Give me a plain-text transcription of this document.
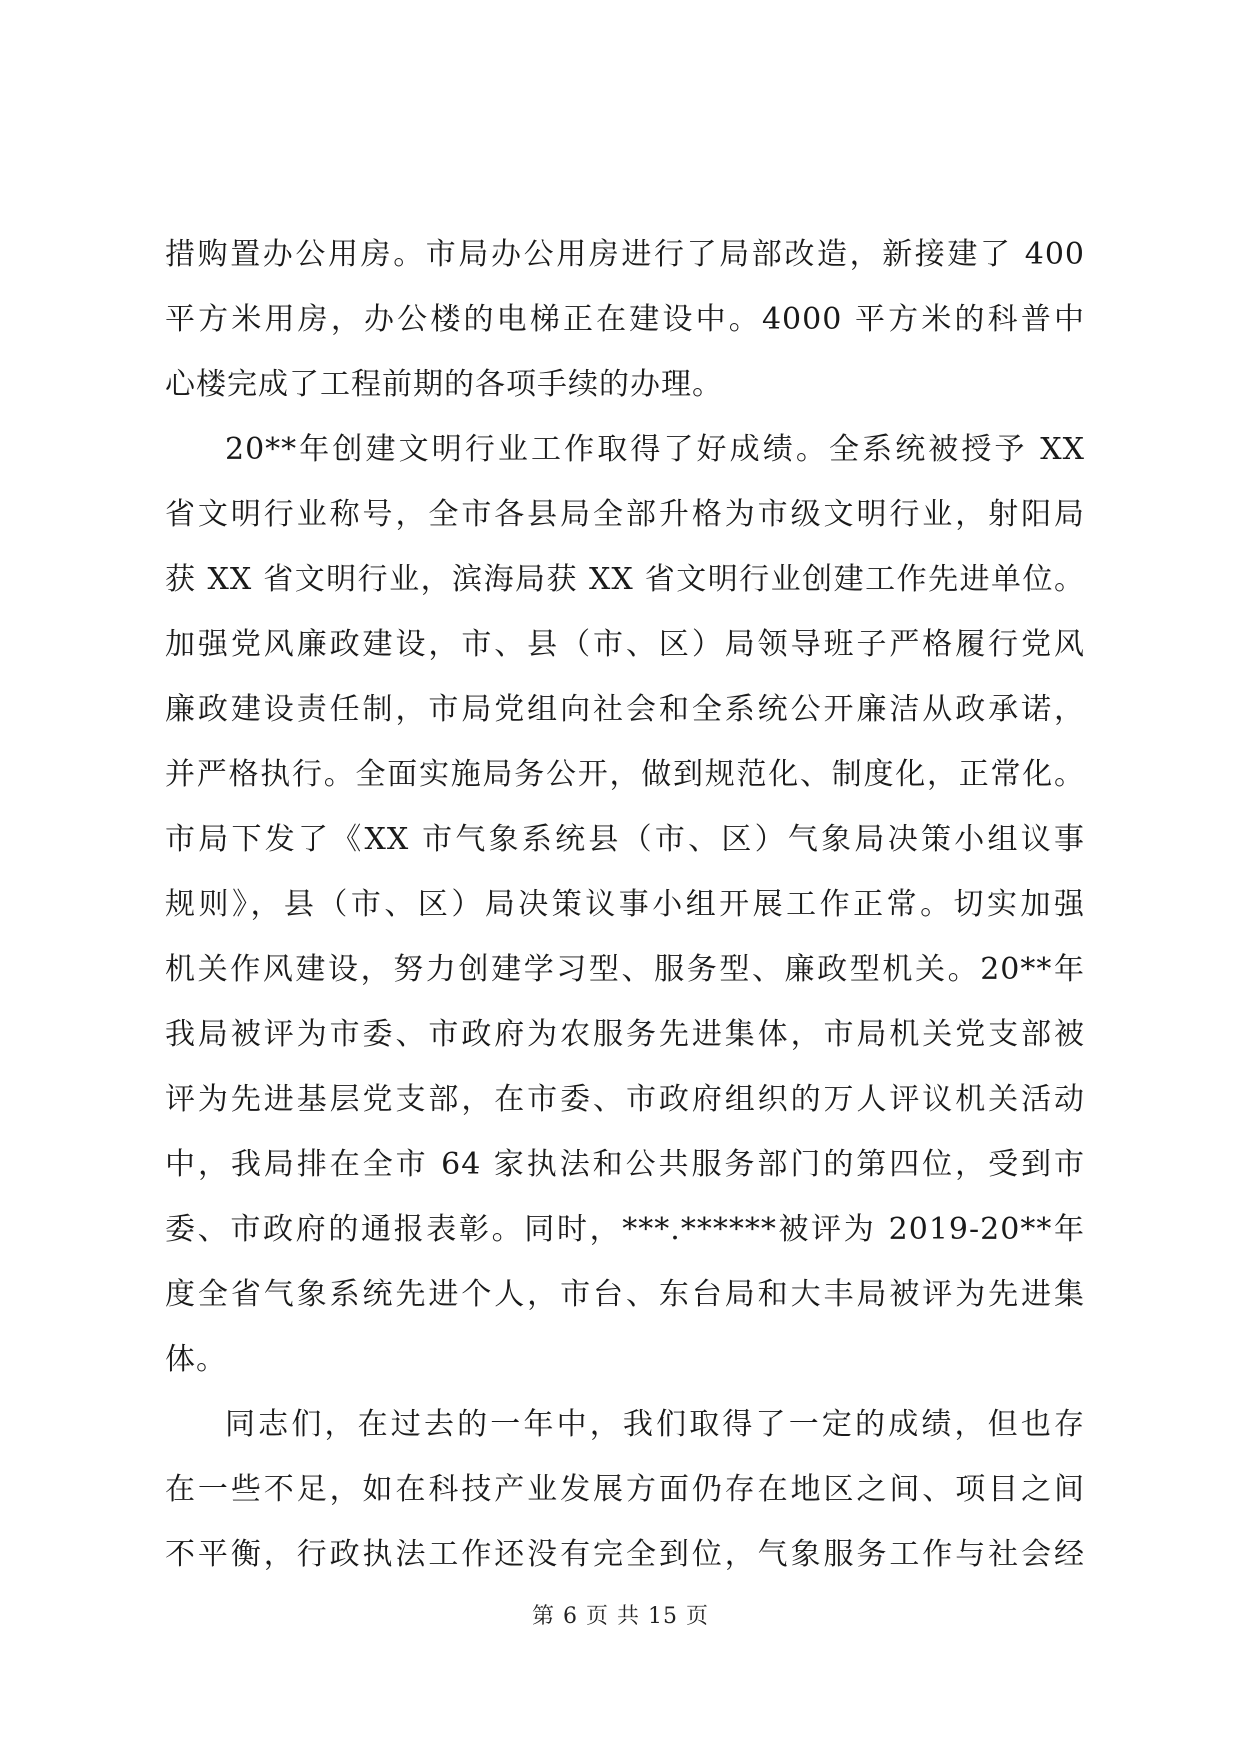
措购置办公用房。市局办公用房进行了局部改造，新接建了 400
平方米用房，办公楼的电梯正在建设中。4000 平方米的科普中
心楼完成了工程前期的各项手续的办理。
20**年创建文明行业工作取得了好成绩。全系统被授予 XX
省文明行业称号，全市各县局全部升格为市级文明行业，射阳局
获 XX 省文明行业，滨海局获 XX 省文明行业创建工作先进单位。
加强党风廉政建设，市、县（市、区）局领导班子严格履行党风
廉政建设责任制，市局党组向社会和全系统公开廉洁从政承诺，
并严格执行。全面实施局务公开，做到规范化、制度化，正常化。
市局下发了《XX 市气象系统县（市、区）气象局决策小组议事
规则》，县（市、区）局决策议事小组开展工作正常。切实加强
机关作风建设，努力创建学习型、服务型、廉政型机关。20**年
我局被评为市委、市政府为农服务先进集体，市局机关党支部被
评为先进基层党支部，在市委、市政府组织的万人评议机关活动
中，我局排在全市 64 家执法和公共服务部门的第四位，受到市
委、市政府的通报表彰。同时，***.******被评为 2019-20**年
度全省气象系统先进个人，市台、东台局和大丰局被评为先进集
体。
同志们，在过去的一年中，我们取得了一定的成绩，但也存
在一些不足，如在科技产业发展方面仍存在地区之间、项目之间
不平衡，行政执法工作还没有完全到位，气象服务工作与社会经
第 6 页 共 15 页
